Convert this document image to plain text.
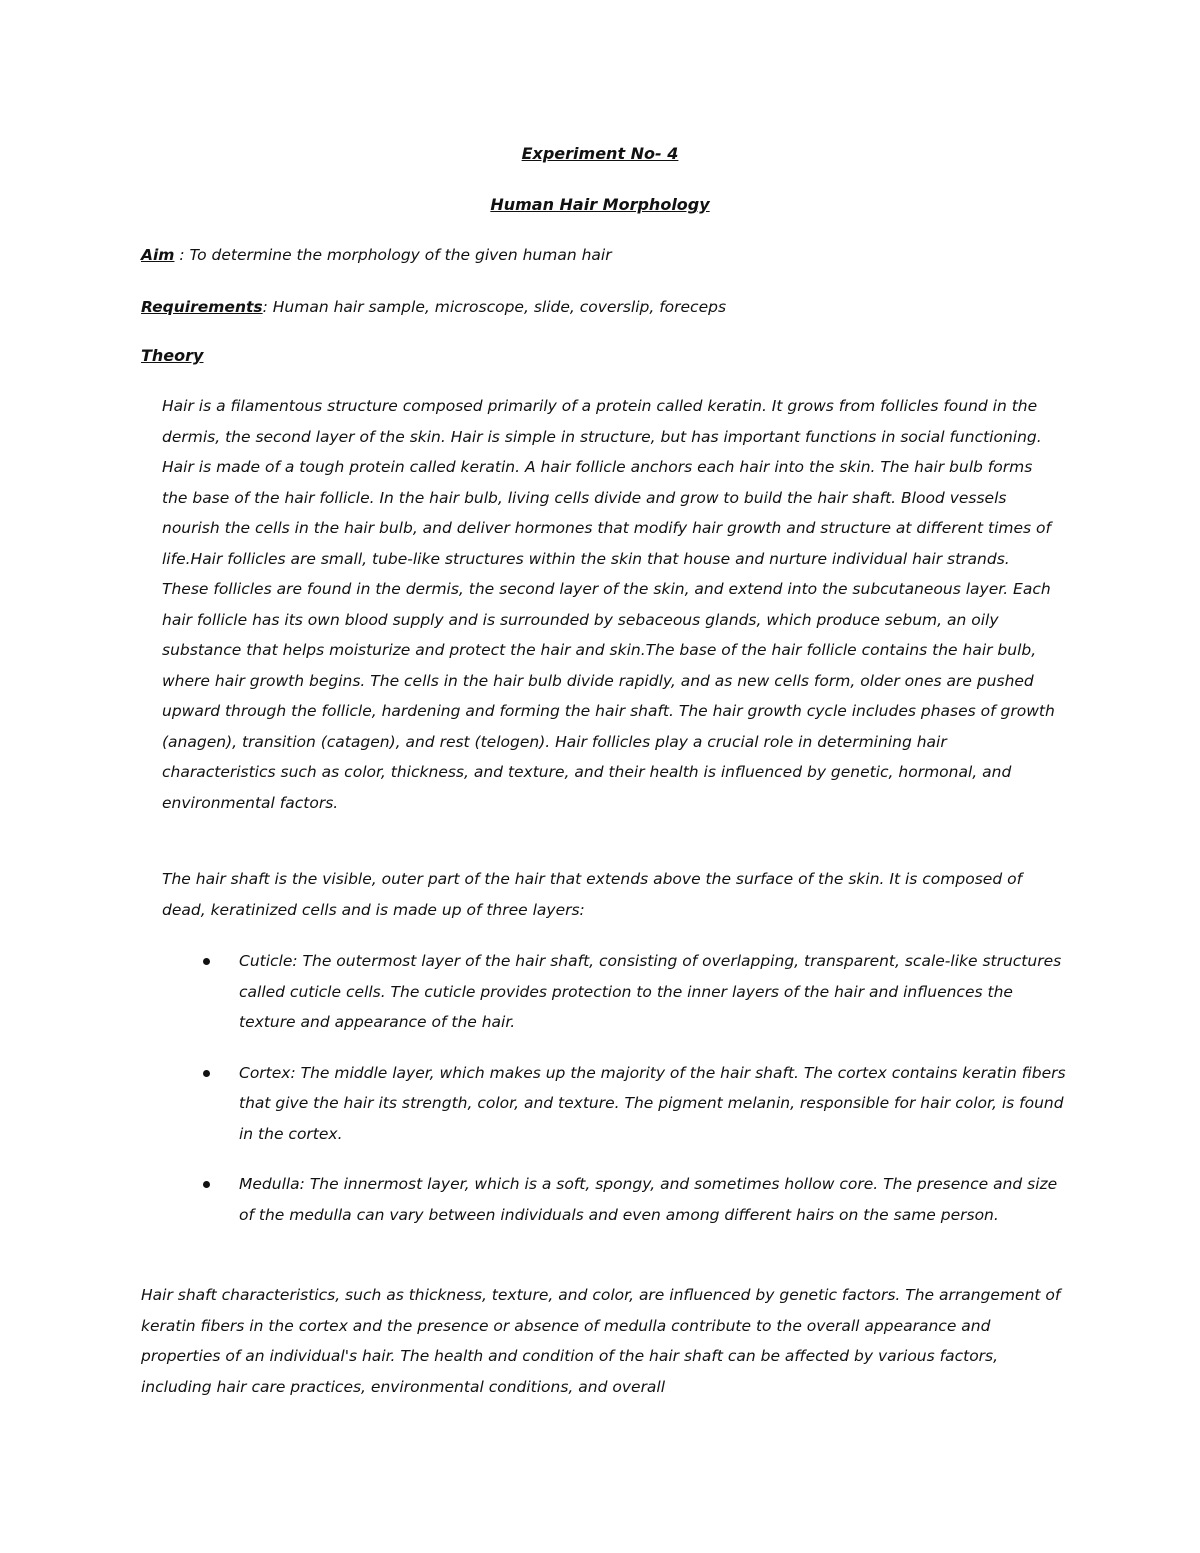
Experiment No- 4
Human Hair Morphology
Aim : To determine the morphology of the given human hair
Requirements: Human hair sample, microscope, slide, coverslip, foreceps
Theory

Hair is a filamentous structure composed primarily of a protein called keratin. It grows from follicles found in the dermis, the second layer of the skin. Hair is simple in structure, but has important functions in social functioning. Hair is made of a tough protein called keratin. A hair follicle anchors each hair into the skin. The hair bulb forms the base of the hair follicle. In the hair bulb, living cells divide and grow to build the hair shaft. Blood vessels nourish the cells in the hair bulb, and deliver hormones that modify hair growth and structure at different times of life.Hair follicles are small, tube-like structures within the skin that house and nurture individual hair strands. These follicles are found in the dermis, the second layer of the skin, and extend into the subcutaneous layer. Each hair follicle has its own blood supply and is surrounded by sebaceous glands, which produce sebum, an oily substance that helps moisturize and protect the hair and skin.The base of the hair follicle contains the hair bulb, where hair growth begins. The cells in the hair bulb divide rapidly, and as new cells form, older ones are pushed upward through the follicle, hardening and forming the hair shaft. The hair growth cycle includes phases of growth (anagen), transition (catagen), and rest (telogen). Hair follicles play a crucial role in determining hair characteristics such as color, thickness, and texture, and their health is influenced by genetic, hormonal, and environmental factors.

The hair shaft is the visible, outer part of the hair that extends above the surface of the skin. It is composed of dead, keratinized cells and is made up of three layers:

Cuticle: The outermost layer of the hair shaft, consisting of overlapping, transparent, scale-like structures called cuticle cells. The cuticle provides protection to the inner layers of the hair and influences the texture and appearance of the hair.
Cortex: The middle layer, which makes up the majority of the hair shaft. The cortex contains keratin fibers that give the hair its strength, color, and texture. The pigment melanin, responsible for hair color, is found in the cortex.
Medulla: The innermost layer, which is a soft, spongy, and sometimes hollow core. The presence and size of the medulla can vary between individuals and even among different hairs on the same person.

Hair shaft characteristics, such as thickness, texture, and color, are influenced by genetic factors. The arrangement of keratin fibers in the cortex and the presence or absence of medulla contribute to the overall appearance and properties of an individual's hair. The health and condition of the hair shaft can be affected by various factors, including hair care practices, environmental conditions, and overall
